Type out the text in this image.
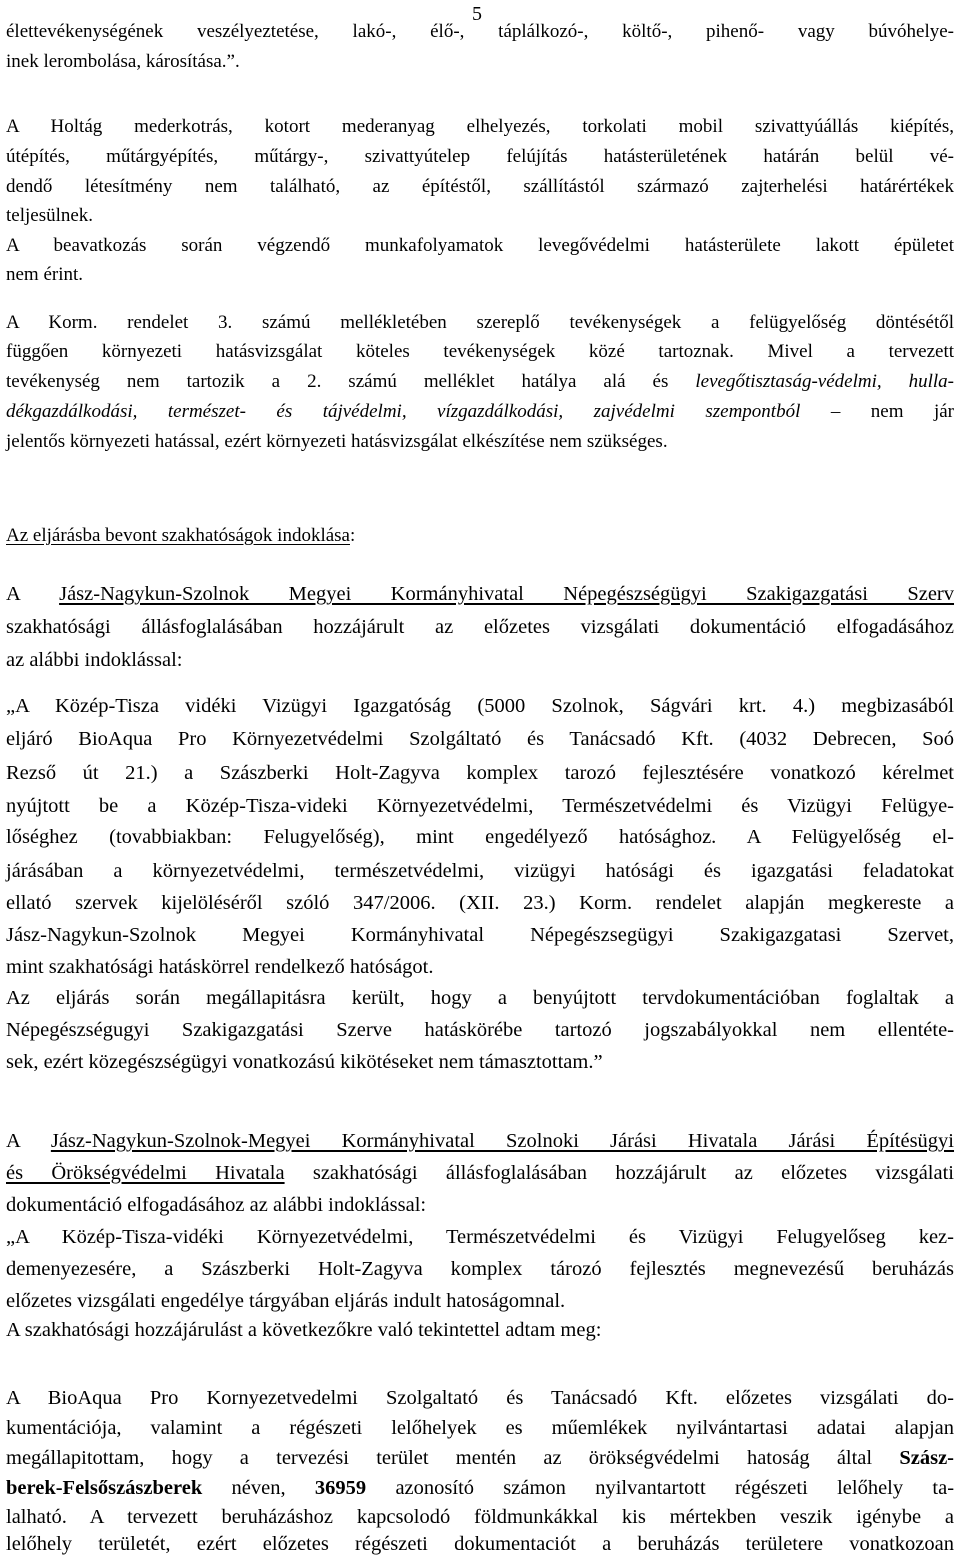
5
élettevékenységének veszélyeztetése, lakó-, élő-, táplálkozó-, költő-, pihenő- vagy búvóhelye-
inek lerombolása, károsítása.”.
A Holtág mederkotrás, kotort mederanyag elhelyezés, torkolati mobil szivattyúállás kiépítés,
útépítés, műtárgyépítés, műtárgy-, szivattyútelep felújítás hatásterületének határán belül vé-
dendő létesítmény nem található, az építéstől, szállítástól származó zajterhelési határértékek
teljesülnek.
A beavatkozás során végzendő munkafolyamatok levegővédelmi hatásterülete lakott épületet
nem érint.
A Korm. rendelet 3. számú mellékletében szereplő tevékenységek a felügyelőség döntésétől
függően környezeti hatásvizsgálat köteles tevékenységek közé tartoznak. Mivel a tervezett
tevékenység nem tartozik a 2. számú melléklet hatálya alá és levegőtisztaság-védelmi, hulla-
dékgazdálkodási, természet- és tájvédelmi, vízgazdálkodási, zajvédelmi szempontból – nem jár
jelentős környezeti hatással, ezért környezeti hatásvizsgálat elkészítése nem szükséges.
Az eljárásba bevont szakhatóságok indoklása:
A Jász-Nagykun-Szolnok Megyei Kormányhivatal Népegészségügyi Szakigazgatási Szerv
szakhatósági állásfoglalásában hozzájárult az előzetes vizsgálati dokumentáció elfogadásához
az alábbi indoklással:
„A Közép-Tisza vidéki Vizügyi Igazgatóság (5000 Szolnok, Ságvári krt. 4.) megbizasából
eljáró BioAqua Pro Környezetvédelmi Szolgáltató és Tanácsadó Kft. (4032 Debrecen, Soó
Rezső út 21.) a Szászberki Holt-Zagyva komplex tarozó fejlesztésére vonatkozó kérelmet
nyújtott be a Közép-Tisza-videki Környezetvédelmi, Természetvédelmi és Vizügyi Felügye-
lőséghez (tovabbiakban: Felugyelőség), mint engedélyező hatósághoz. A Felügyelőség el-
járásában a környezetvédelmi, természetvédelmi, vizügyi hatósági és igazgatási feladatokat
ellató szervek kijelöléséről szóló 347/2006. (XII. 23.) Korm. rendelet alapján megkereste a
Jász-Nagykun-Szolnok Megyei Kormányhivatal Népegészsegügyi Szakigazgatasi Szervet,
mint szakhatósági hatáskörrel rendelkező hatóságot.
Az eljárás során megállapitásra került, hogy a benyújtott tervdokumentációban foglaltak a
Népegészségugyi Szakigazgatási Szerve hatáskörébe tartozó jogszabályokkal nem ellentéte-
sek, ezért közegészségügyi vonatkozású kikötéseket nem támasztottam.”
A Jász-Nagykun-Szolnok-Megyei Kormányhivatal Szolnoki Járási Hivatala Járási Építésügyi
és Örökségvédelmi Hivatala szakhatósági állásfoglalásában hozzájárult az előzetes vizsgálati
dokumentáció elfogadásához az alábbi indoklással:
„A Közép-Tisza-vidéki Környezetvédelmi, Természetvédelmi és Vizügyi Felugyelőseg kez-
demenyezesére, a Szászberki Holt-Zagyva komplex tározó fejlesztés megnevezésű beruházás
előzetes vizsgálati engedélye tárgyában eljárás indult hatoságomnal.
A szakhatósági hozzájárulást a következőkre való tekintettel adtam meg:
A BioAqua Pro Kornyezetvedelmi Szolgaltató és Tanácsadó Kft. előzetes vizsgálati do-
kumentációja, valamint a régészeti lelőhelyek es műemlékek nyilvántartasi adatai alapjan
megállapitottam, hogy a tervezési terület mentén az örökségvédelmi hatoság által Szász-
berek-Felsőszászberek néven, 36959 azonosító számon nyilvantartott régészeti lelőhely ta-
lalható. A tervezett beruházáshoz kapcsolodó földmunkákkal kis mértekben veszik igénybe a
lelőhely területét, ezért előzetes régészeti dokumentaciót a beruházás területere vonatkozoan
